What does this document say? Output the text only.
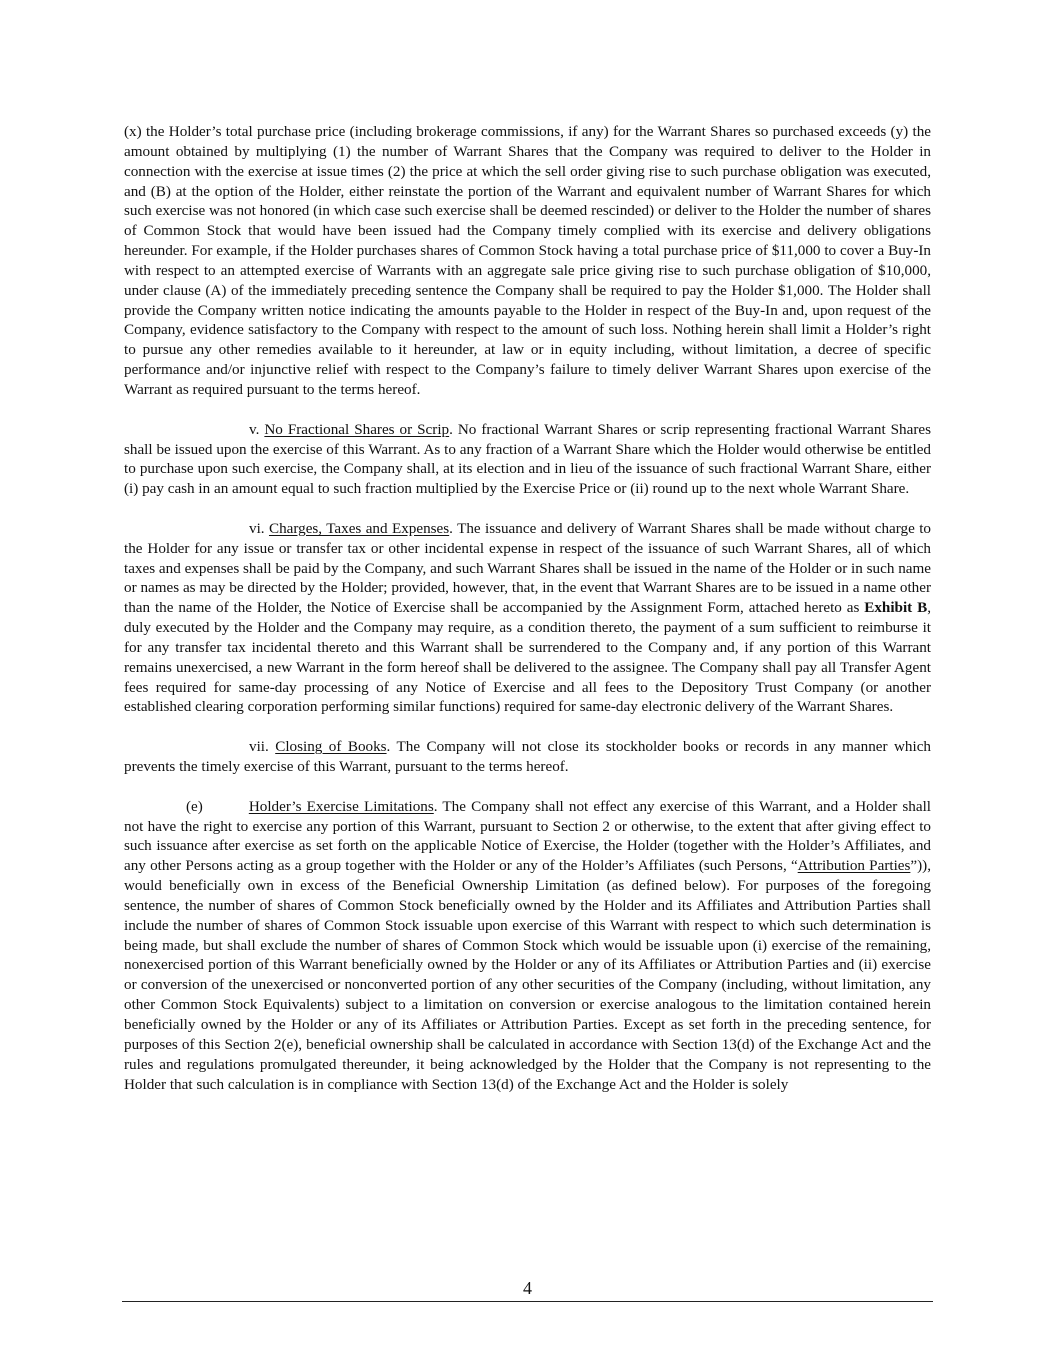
(x) the Holder’s total purchase price (including brokerage commissions, if any) for the Warrant Shares so purchased exceeds (y) the amount obtained by multiplying (1) the number of Warrant Shares that the Company was required to deliver to the Holder in connection with the exercise at issue times (2) the price at which the sell order giving rise to such purchase obligation was executed, and (B) at the option of the Holder, either reinstate the portion of the Warrant and equivalent number of Warrant Shares for which such exercise was not honored (in which case such exercise shall be deemed rescinded) or deliver to the Holder the number of shares of Common Stock that would have been issued had the Company timely complied with its exercise and delivery obligations hereunder. For example, if the Holder purchases shares of Common Stock having a total purchase price of $11,000 to cover a Buy-In with respect to an attempted exercise of Warrants with an aggregate sale price giving rise to such purchase obligation of $10,000, under clause (A) of the immediately preceding sentence the Company shall be required to pay the Holder $1,000. The Holder shall provide the Company written notice indicating the amounts payable to the Holder in respect of the Buy-In and, upon request of the Company, evidence satisfactory to the Company with respect to the amount of such loss. Nothing herein shall limit a Holder’s right to pursue any other remedies available to it hereunder, at law or in equity including, without limitation, a decree of specific performance and/or injunctive relief with respect to the Company’s failure to timely deliver Warrant Shares upon exercise of the Warrant as required pursuant to the terms hereof.

v. No Fractional Shares or Scrip. No fractional Warrant Shares or scrip representing fractional Warrant Shares shall be issued upon the exercise of this Warrant. As to any fraction of a Warrant Share which the Holder would otherwise be entitled to purchase upon such exercise, the Company shall, at its election and in lieu of the issuance of such fractional Warrant Share, either (i) pay cash in an amount equal to such fraction multiplied by the Exercise Price or (ii) round up to the next whole Warrant Share.

vi. Charges, Taxes and Expenses. The issuance and delivery of Warrant Shares shall be made without charge to the Holder for any issue or transfer tax or other incidental expense in respect of the issuance of such Warrant Shares, all of which taxes and expenses shall be paid by the Company, and such Warrant Shares shall be issued in the name of the Holder or in such name or names as may be directed by the Holder; provided, however, that, in the event that Warrant Shares are to be issued in a name other than the name of the Holder, the Notice of Exercise shall be accompanied by the Assignment Form, attached hereto as Exhibit B, duly executed by the Holder and the Company may require, as a condition thereto, the payment of a sum sufficient to reimburse it for any transfer tax incidental thereto and this Warrant shall be surrendered to the Company and, if any portion of this Warrant remains unexercised, a new Warrant in the form hereof shall be delivered to the assignee. The Company shall pay all Transfer Agent fees required for same-day processing of any Notice of Exercise and all fees to the Depository Trust Company (or another established clearing corporation performing similar functions) required for same-day electronic delivery of the Warrant Shares.

vii. Closing of Books. The Company will not close its stockholder books or records in any manner which prevents the timely exercise of this Warrant, pursuant to the terms hereof.

(e)	Holder’s Exercise Limitations. The Company shall not effect any exercise of this Warrant, and a Holder shall not have the right to exercise any portion of this Warrant, pursuant to Section 2 or otherwise, to the extent that after giving effect to such issuance after exercise as set forth on the applicable Notice of Exercise, the Holder (together with the Holder’s Affiliates, and any other Persons acting as a group together with the Holder or any of the Holder’s Affiliates (such Persons, “Attribution Parties”)), would beneficially own in excess of the Beneficial Ownership Limitation (as defined below). For purposes of the foregoing sentence, the number of shares of Common Stock beneficially owned by the Holder and its Affiliates and Attribution Parties shall include the number of shares of Common Stock issuable upon exercise of this Warrant with respect to which such determination is being made, but shall exclude the number of shares of Common Stock which would be issuable upon (i) exercise of the remaining, nonexercised portion of this Warrant beneficially owned by the Holder or any of its Affiliates or Attribution Parties and (ii) exercise or conversion of the unexercised or nonconverted portion of any other securities of the Company (including, without limitation, any other Common Stock Equivalents) subject to a limitation on conversion or exercise analogous to the limitation contained herein beneficially owned by the Holder or any of its Affiliates or Attribution Parties. Except as set forth in the preceding sentence, for purposes of this Section 2(e), beneficial ownership shall be calculated in accordance with Section 13(d) of the Exchange Act and the rules and regulations promulgated thereunder, it being acknowledged by the Holder that the Company is not representing to the Holder that such calculation is in compliance with Section 13(d) of the Exchange Act and the Holder is solely

4
